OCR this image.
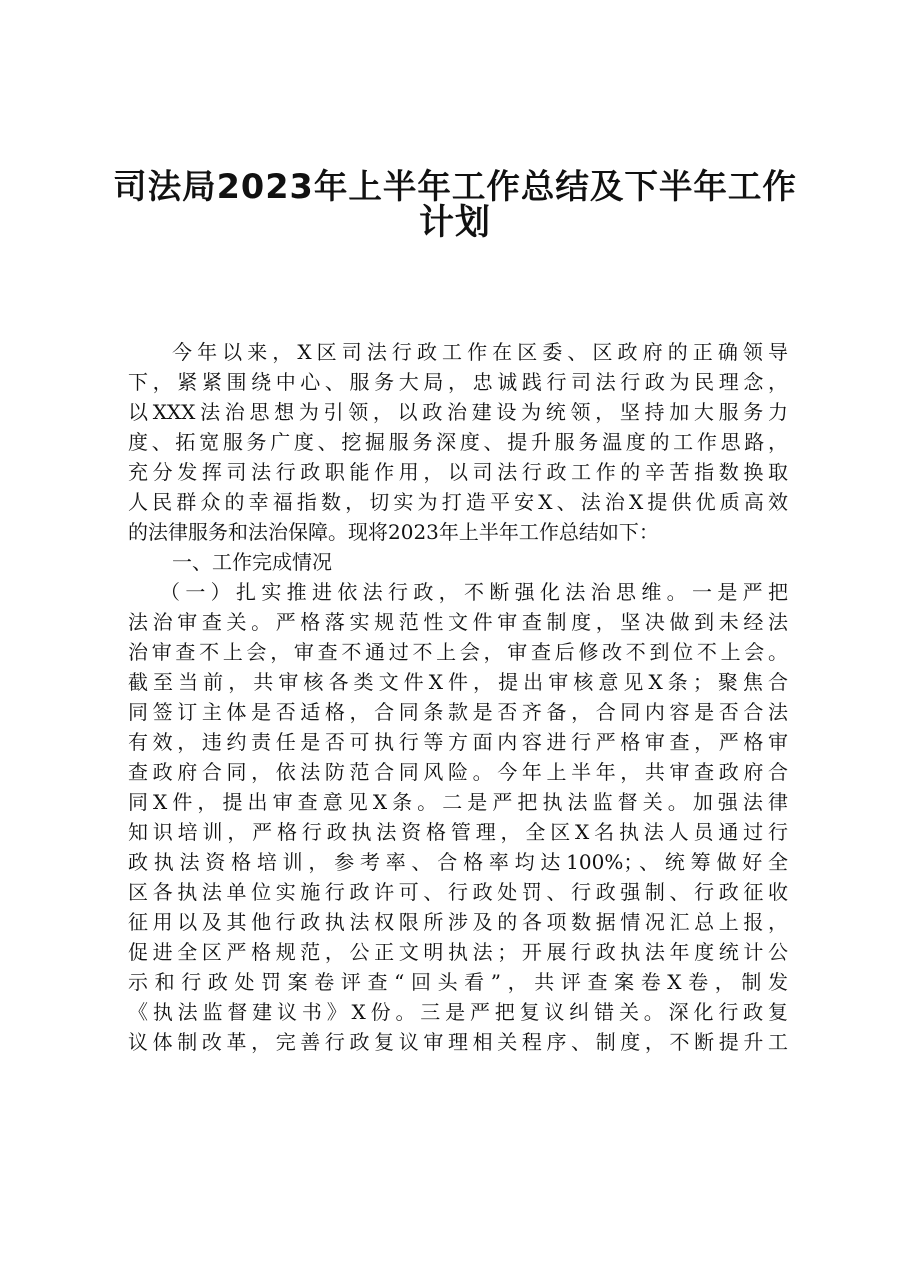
司法局2023年上半年工作总结及下半年工作
计划
今年以来，X区司法行政工作在区委、区政府的正确领导
下，紧紧围绕中心、服务大局，忠诚践行司法行政为民理念，
以XXX法治思想为引领，以政治建设为统领，坚持加大服务力
度、拓宽服务广度、挖掘服务深度、提升服务温度的工作思路，
充分发挥司法行政职能作用，以司法行政工作的辛苦指数换取
人民群众的幸福指数，切实为打造平安X、法治X提供优质高效
的法律服务和法治保障。现将2023年上半年工作总结如下：
一、工作完成情况
（一）扎实推进依法行政，不断强化法治思维。一是严把
法治审查关。严格落实规范性文件审查制度，坚决做到未经法
治审查不上会，审查不通过不上会，审查后修改不到位不上会。
截至当前，共审核各类文件X件，提出审核意见X条；聚焦合
同签订主体是否适格，合同条款是否齐备，合同内容是否合法
有效，违约责任是否可执行等方面内容进行严格审查，严格审
查政府合同，依法防范合同风险。今年上半年，共审查政府合
同X件，提出审查意见X条。二是严把执法监督关。加强法律
知识培训，严格行政执法资格管理，全区X名执法人员通过行
政执法资格培训，参考率、合格率均达100%；、统筹做好全
区各执法单位实施行政许可、行政处罚、行政强制、行政征收
征用以及其他行政执法权限所涉及的各项数据情况汇总上报，
促进全区严格规范，公正文明执法；开展行政执法年度统计公
示和行政处罚案卷评查“回头看”，共评查案卷X卷，制发
《执法监督建议书》X份。三是严把复议纠错关。深化行政复
议体制改革，完善行政复议审理相关程序、制度，不断提升工
